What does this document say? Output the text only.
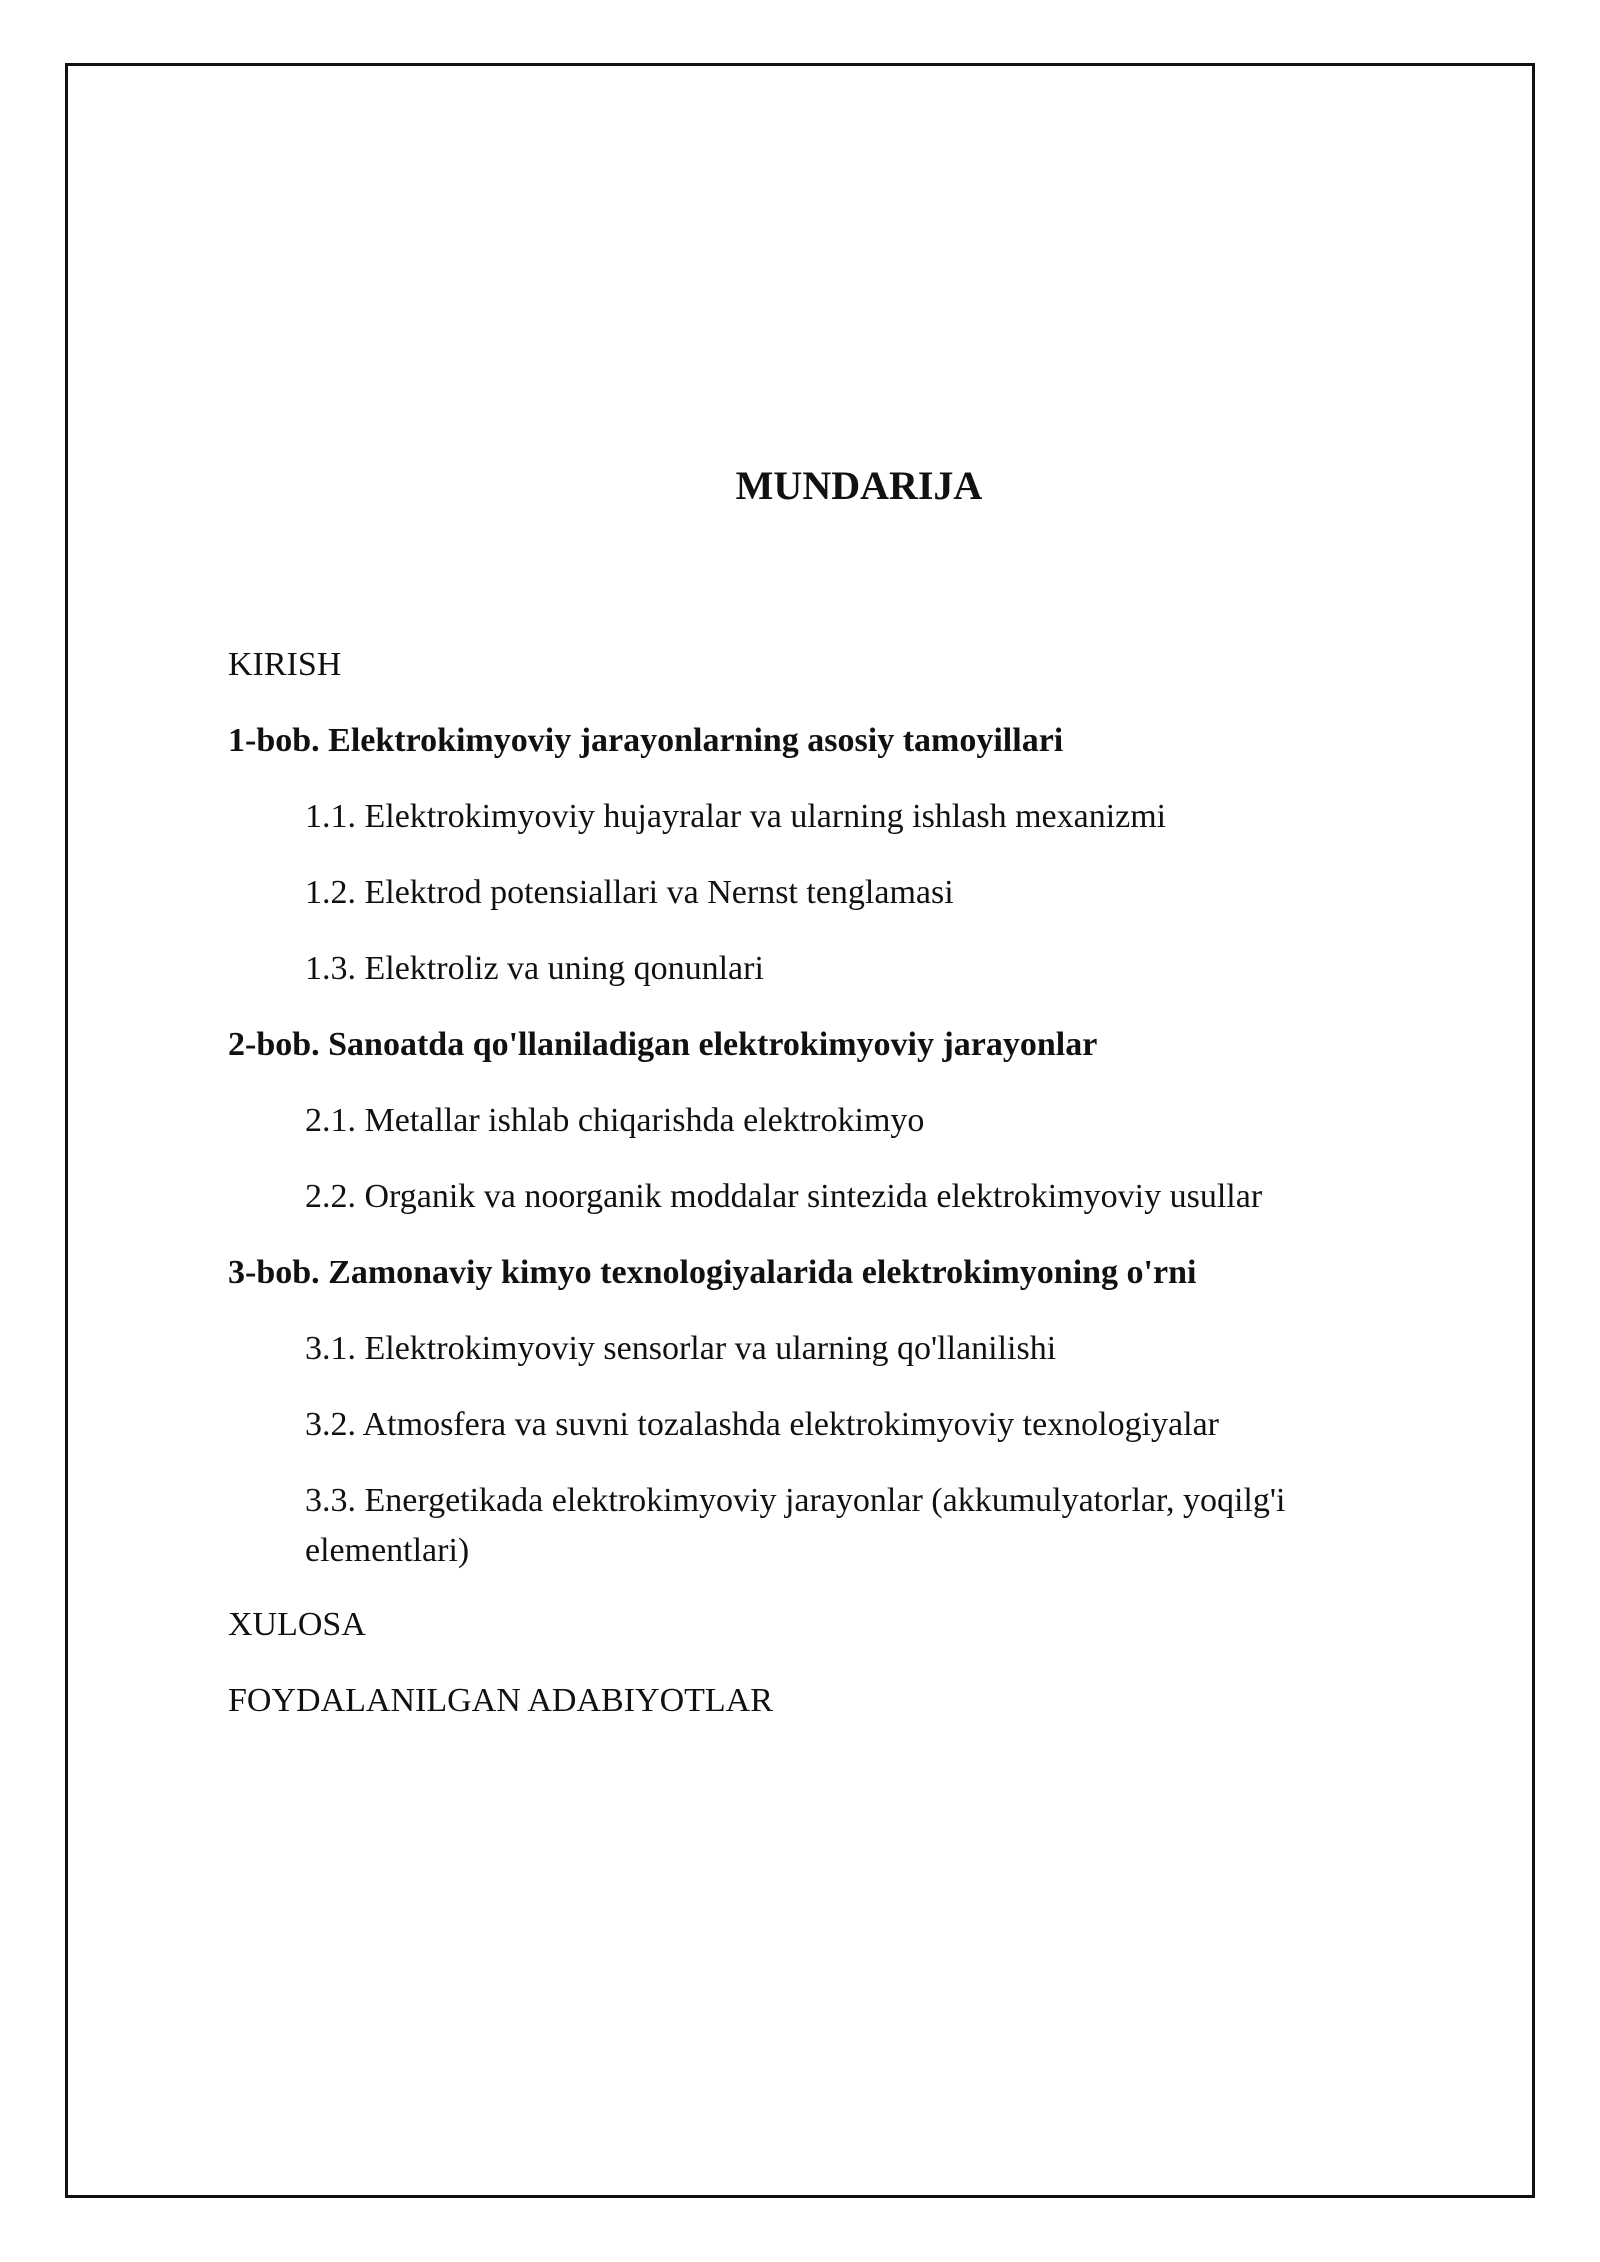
MUNDARIJA
KIRISH
1-bob. Elektrokimyoviy jarayonlarning asosiy tamoyillari
1.1. Elektrokimyoviy hujayralar va ularning ishlash mexanizmi
1.2. Elektrod potensiallari va Nernst tenglamasi
1.3. Elektroliz va uning qonunlari
2-bob. Sanoatda qo'llaniladigan elektrokimyoviy jarayonlar
2.1. Metallar ishlab chiqarishda elektrokimyo
2.2. Organik va noorganik moddalar sintezida elektrokimyoviy usullar
3-bob. Zamonaviy kimyo texnologiyalarida elektrokimyoning o'rni
3.1. Elektrokimyoviy sensorlar va ularning qo'llanilishi
3.2. Atmosfera va suvni tozalashda elektrokimyoviy texnologiyalar
3.3. Energetikada elektrokimyoviy jarayonlar (akkumulyatorlar, yoqilg'i elementlari)
XULOSA
FOYDALANILGAN ADABIYOTLAR
